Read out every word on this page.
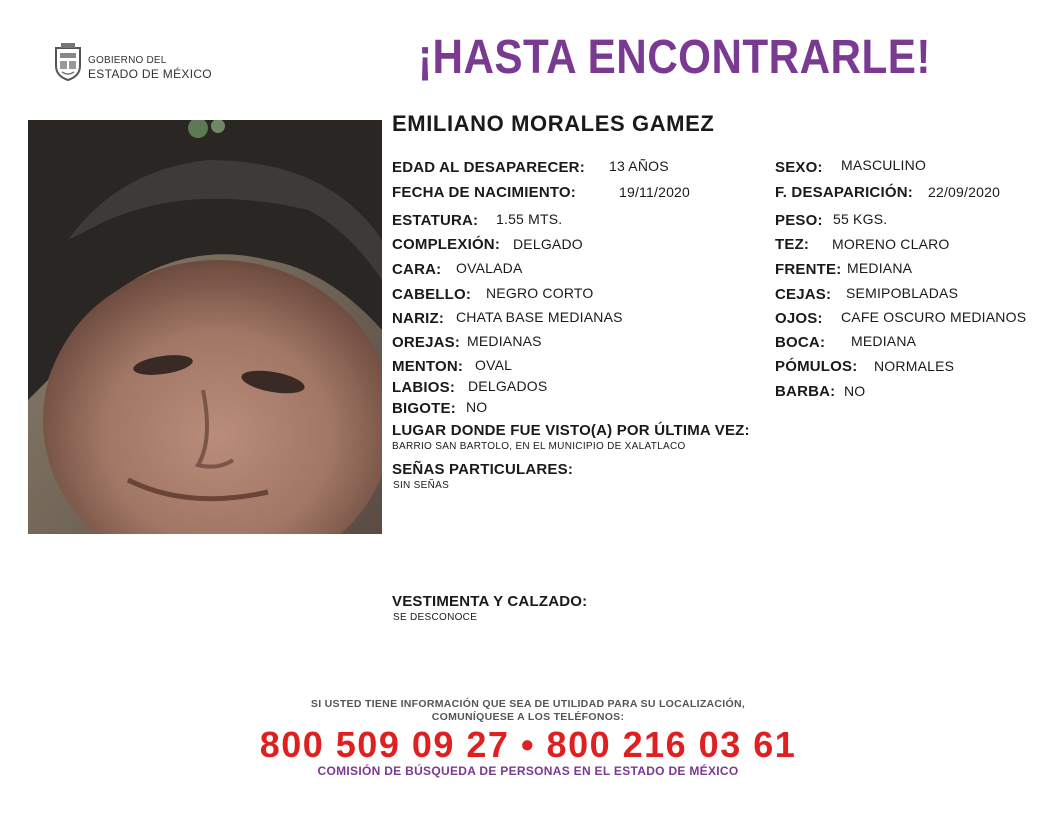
GOBIERNO DEL
ESTADO DE MÉXICO	¡HASTA ENCONTRARLE!
EMILIANO MORALES GAMEZ
EDAD AL DESAPARECER: 13 AÑOS
FECHA DE NACIMIENTO:	19/11/2020
ESTATURA: 1.55 MTS.
COMPLEXIÓN: DELGADO
CARA: OVALADA
CABELLO: NEGRO CORTO
NARIZ: CHATA BASE MEDIANAS
OREJAS: MEDIANAS
MENTON: OVAL
LABIOS: DELGADOS
BIGOTE: NO
SEXO: MASCULINO
F. DESAPARICIÓN: 22/09/2020
PESO: 55 KGS.
TEZ: MORENO CLARO
FRENTE: MEDIANA
CEJAS: SEMIPOBLADAS
OJOS: CAFE OSCURO MEDIANOS
BOCA: MEDIANA
PÓMULOS: NORMALES
BARBA: NO
LUGAR DONDE FUE VISTO(A) POR ÚLTIMA VEZ:
BARRIO SAN BARTOLO, EN EL MUNICIPIO DE XALATLACO
SEÑAS PARTICULARES:
SIN SEÑAS
VESTIMENTA Y CALZADO:
SE DESCONOCE
SI USTED TIENE INFORMACIÓN QUE SEA DE UTILIDAD PARA SU LOCALIZACIÓN,
COMUNÍQUESE A LOS TELÉFONOS:
800 509 09 27 • 800 216 03 61
COMISIÓN DE BÚSQUEDA DE PERSONAS EN EL ESTADO DE MÉXICO
